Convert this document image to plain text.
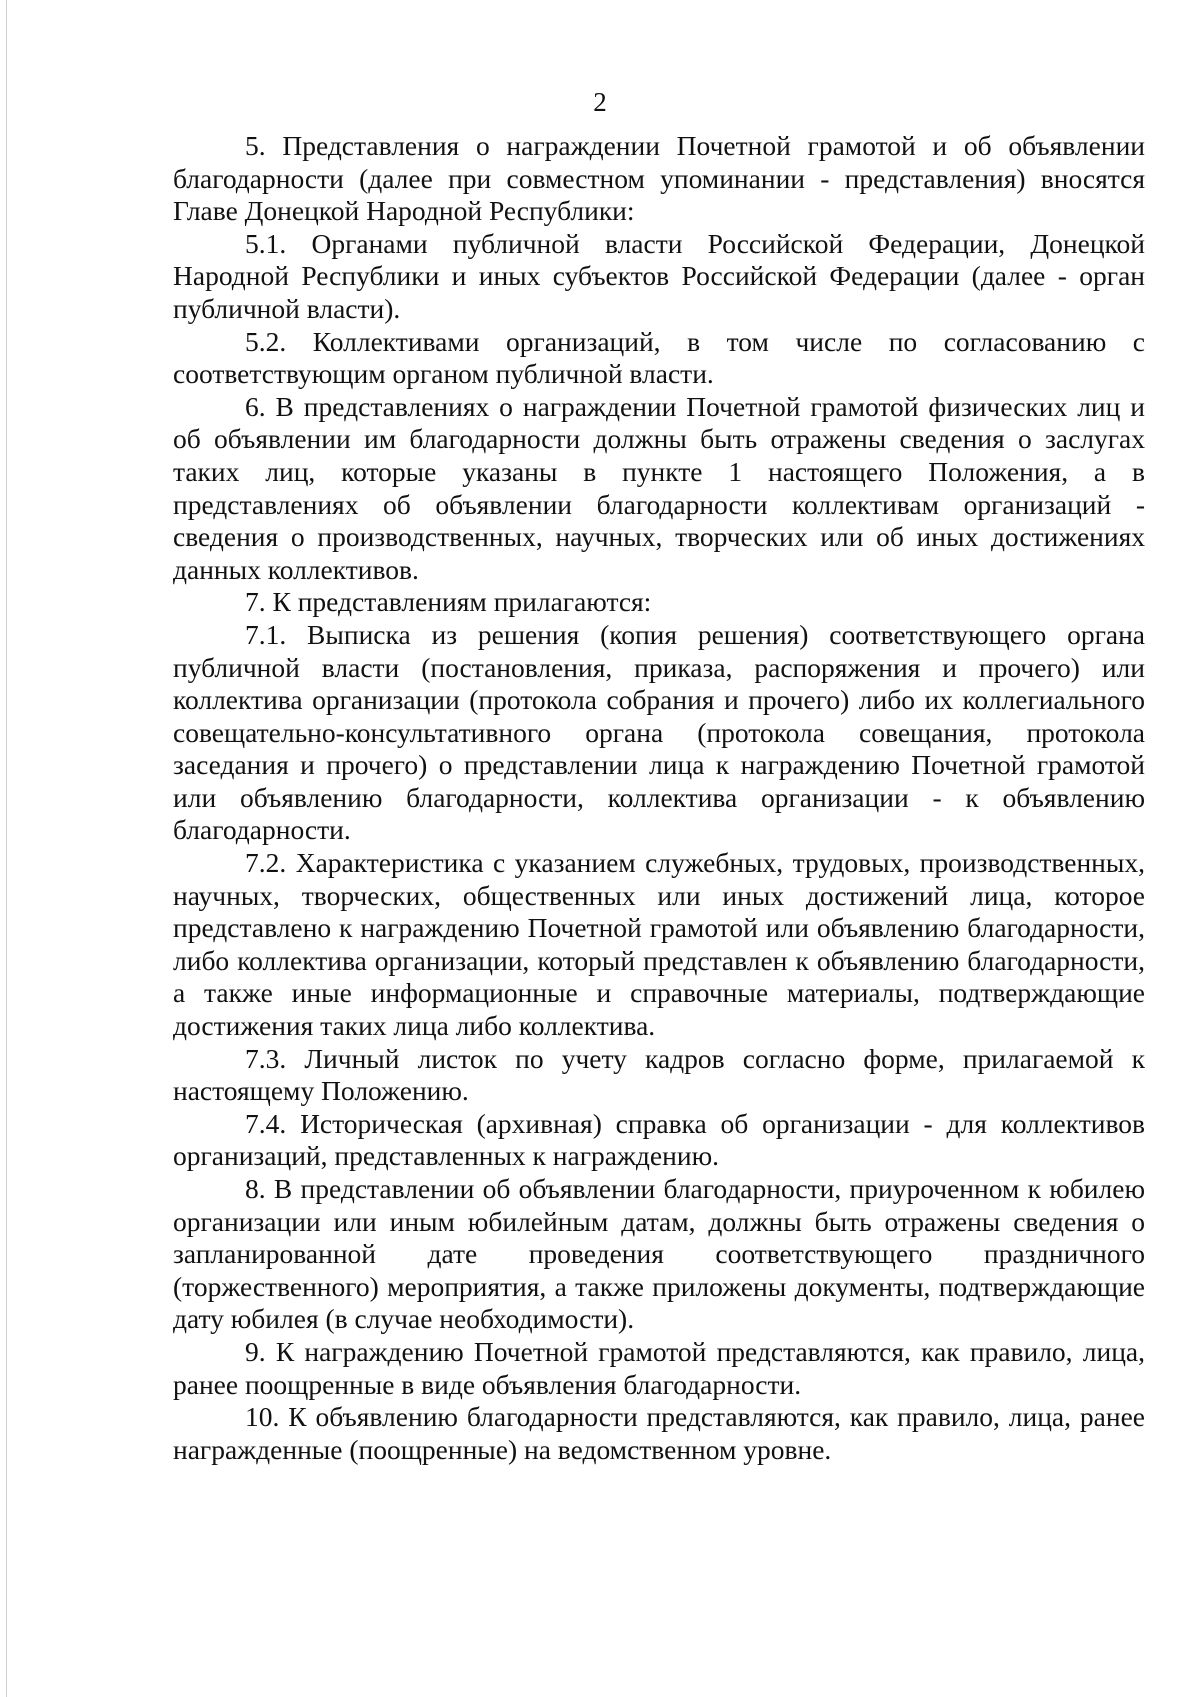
2

5. Представления о награждении Почетной грамотой и об объявлении благодарности (далее при совместном упоминании - представления) вносятся Главе Донецкой Народной Республики:

5.1. Органами публичной власти Российской Федерации, Донецкой Народной Республики и иных субъектов Российской Федерации (далее - орган публичной власти).

5.2. Коллективами организаций, в том числе по согласованию с соответствующим органом публичной власти.

6. В представлениях о награждении Почетной грамотой физических лиц и об объявлении им благодарности должны быть отражены сведения о заслугах таких лиц, которые указаны в пункте 1 настоящего Положения, а в представлениях об объявлении благодарности коллективам организаций - сведения о производственных, научных, творческих или об иных достижениях данных коллективов.

7. К представлениям прилагаются:

7.1. Выписка из решения (копия решения) соответствующего органа публичной власти (постановления, приказа, распоряжения и прочего) или коллектива организации (протокола собрания и прочего) либо их коллегиального совещательно-консультативного органа (протокола совещания, протокола заседания и прочего) о представлении лица к награждению Почетной грамотой или объявлению благодарности, коллектива организации - к объявлению благодарности.

7.2. Характеристика с указанием служебных, трудовых, производственных, научных, творческих, общественных или иных достижений лица, которое представлено к награждению Почетной грамотой или объявлению благодарности, либо коллектива организации, который представлен к объявлению благодарности, а также иные информационные и справочные материалы, подтверждающие достижения таких лица либо коллектива.

7.3. Личный листок по учету кадров согласно форме, прилагаемой к настоящему Положению.

7.4. Историческая (архивная) справка об организации - для коллективов организаций, представленных к награждению.

8. В представлении об объявлении благодарности, приуроченном к юбилею организации или иным юбилейным датам, должны быть отражены сведения о запланированной дате проведения соответствующего праздничного (торжественного) мероприятия, а также приложены документы, подтверждающие дату юбилея (в случае необходимости).

9. К награждению Почетной грамотой представляются, как правило, лица, ранее поощренные в виде объявления благодарности.

10. К объявлению благодарности представляются, как правило, лица, ранее награжденные (поощренные) на ведомственном уровне.
